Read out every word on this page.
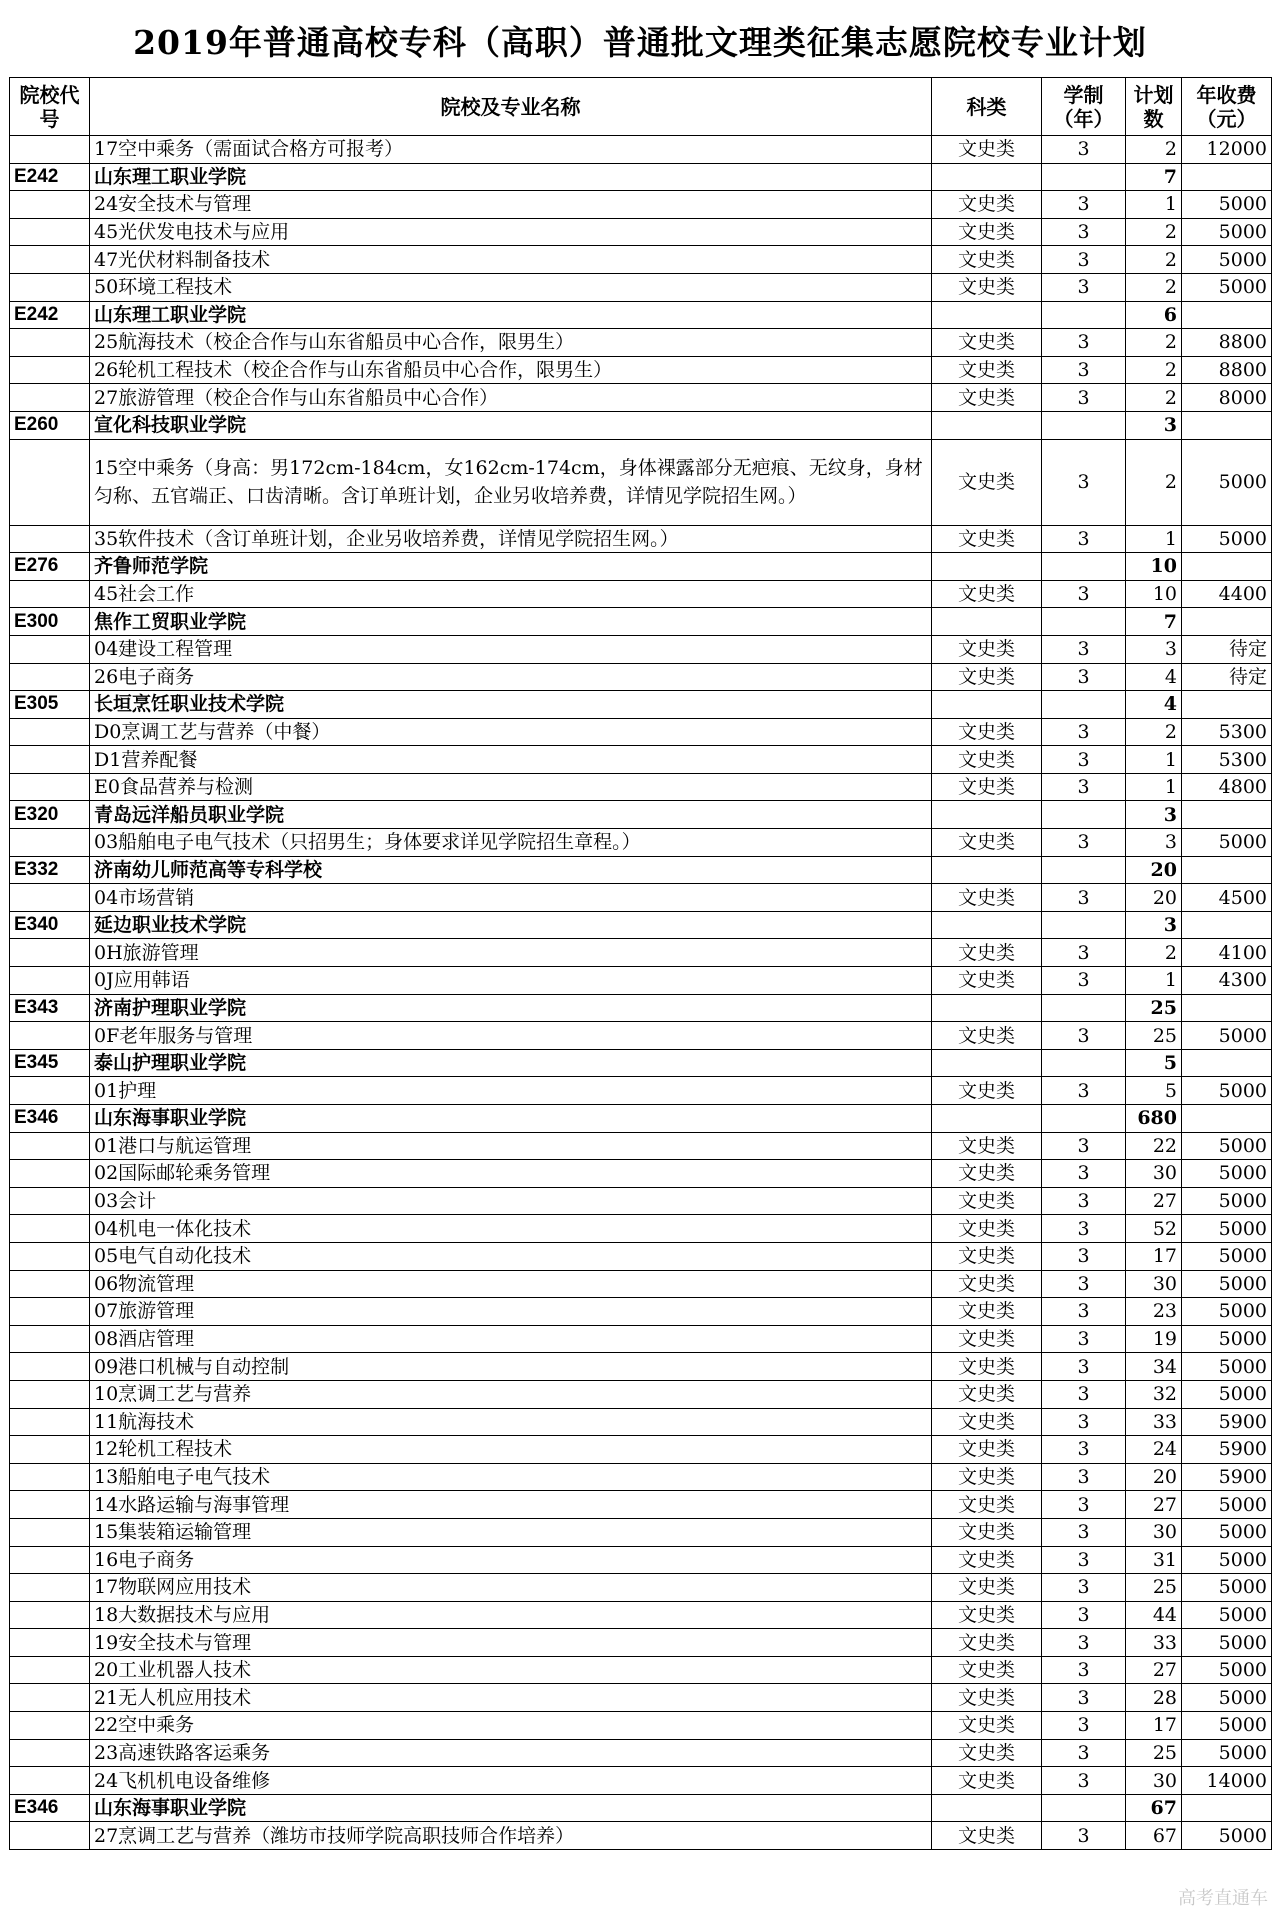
2019年普通高校专科（高职）普通批文理类征集志愿院校专业计划
院校代号	院校及专业名称	科类	学制（年）	计划数	年收费（元）
	17空中乘务（需面试合格方可报考）	文史类	3	2	12000
E242	山东理工职业学院			7	
	24安全技术与管理	文史类	3	1	5000
	45光伏发电技术与应用	文史类	3	2	5000
	47光伏材料制备技术	文史类	3	2	5000
	50环境工程技术	文史类	3	2	5000
E242	山东理工职业学院			6	
	25航海技术（校企合作与山东省船员中心合作，限男生）	文史类	3	2	8800
	26轮机工程技术（校企合作与山东省船员中心合作，限男生）	文史类	3	2	8800
	27旅游管理（校企合作与山东省船员中心合作）	文史类	3	2	8000
E260	宣化科技职业学院			3	
	15空中乘务（身高：男172cm-184cm，女162cm-174cm，身体裸露部分无疤痕、无纹身，身材匀称、五官端正、口齿清晰。含订单班计划，企业另收培养费，详情见学院招生网。）	文史类	3	2	5000
	35软件技术（含订单班计划，企业另收培养费，详情见学院招生网。）	文史类	3	1	5000
E276	齐鲁师范学院			10	
	45社会工作	文史类	3	10	4400
E300	焦作工贸职业学院			7	
	04建设工程管理	文史类	3	3	待定
	26电子商务	文史类	3	4	待定
E305	长垣烹饪职业技术学院			4	
	D0烹调工艺与营养（中餐）	文史类	3	2	5300
	D1营养配餐	文史类	3	1	5300
	E0食品营养与检测	文史类	3	1	4800
E320	青岛远洋船员职业学院			3	
	03船舶电子电气技术（只招男生；身体要求详见学院招生章程。）	文史类	3	3	5000
E332	济南幼儿师范高等专科学校			20	
	04市场营销	文史类	3	20	4500
E340	延边职业技术学院			3	
	0H旅游管理	文史类	3	2	4100
	0J应用韩语	文史类	3	1	4300
E343	济南护理职业学院			25	
	0F老年服务与管理	文史类	3	25	5000
E345	泰山护理职业学院			5	
	01护理	文史类	3	5	5000
E346	山东海事职业学院			680	
	01港口与航运管理	文史类	3	22	5000
	02国际邮轮乘务管理	文史类	3	30	5000
	03会计	文史类	3	27	5000
	04机电一体化技术	文史类	3	52	5000
	05电气自动化技术	文史类	3	17	5000
	06物流管理	文史类	3	30	5000
	07旅游管理	文史类	3	23	5000
	08酒店管理	文史类	3	19	5000
	09港口机械与自动控制	文史类	3	34	5000
	10烹调工艺与营养	文史类	3	32	5000
	11航海技术	文史类	3	33	5900
	12轮机工程技术	文史类	3	24	5900
	13船舶电子电气技术	文史类	3	20	5900
	14水路运输与海事管理	文史类	3	27	5000
	15集装箱运输管理	文史类	3	30	5000
	16电子商务	文史类	3	31	5000
	17物联网应用技术	文史类	3	25	5000
	18大数据技术与应用	文史类	3	44	5000
	19安全技术与管理	文史类	3	33	5000
	20工业机器人技术	文史类	3	27	5000
	21无人机应用技术	文史类	3	28	5000
	22空中乘务	文史类	3	17	5000
	23高速铁路客运乘务	文史类	3	25	5000
	24飞机机电设备维修	文史类	3	30	14000
E346	山东海事职业学院			67	
	27烹调工艺与营养（潍坊市技师学院高职技师合作培养）	文史类	3	67	5000
高考直通车
